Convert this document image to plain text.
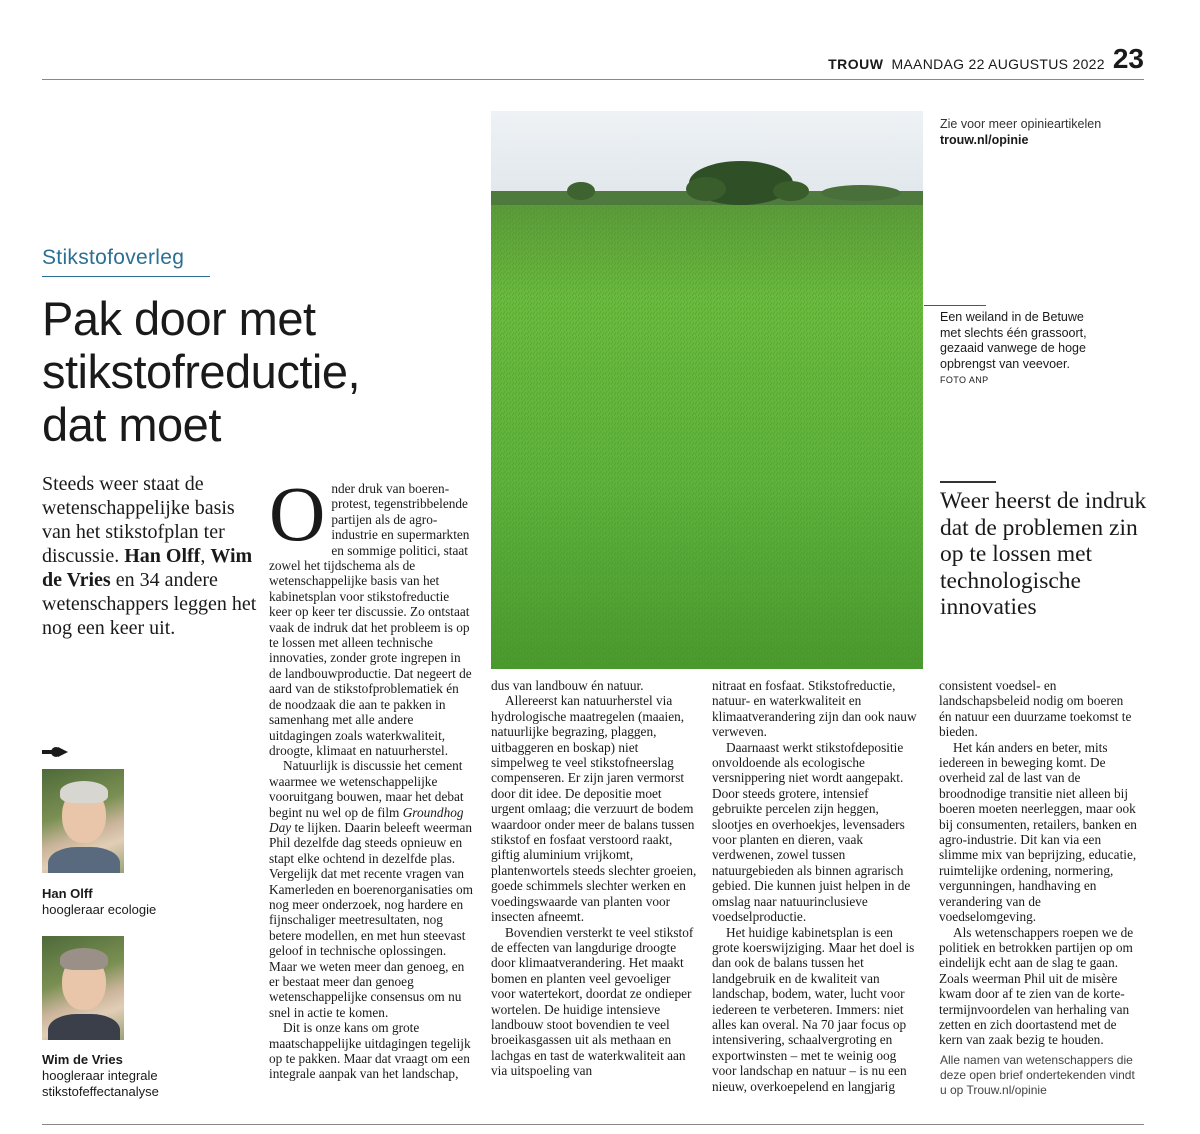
TROUW MAANDAG 22 AUGUSTUS 2022 23
Stikstofoverleg
Pak door met
stikstofreductie,
dat moet
Steeds weer staat de wetenschappelijke basis van het stikstofplan ter discussie. Han Olff, Wim de Vries en 34 andere wetenschappers leggen het nog een keer uit.
Han Olff
hoogleraar ecologie
Wim de Vries
hoogleraar integrale stikstofeffectanalyse

Onder druk van boerenprotest, tegenstribbelende partijen als de agro-industrie en supermarkten en sommige politici, staat zowel het tijdschema als de wetenschappelijke basis van het kabinetsplan voor stikstofreductie keer op keer ter discussie. Zo ontstaat vaak de indruk dat het probleem is op te lossen met alleen technische innovaties, zonder grote ingrepen in de landbouwproductie. Dat negeert de aard van de stikstofproblematiek én de noodzaak die aan te pakken in samenhang met alle andere uitdagingen zoals waterkwaliteit, droogte, klimaat en natuurherstel.

Natuurlijk is discussie het cement waarmee we wetenschappelijke vooruitgang bouwen, maar het debat begint nu wel op de film Groundhog Day te lijken. Daarin beleeft weerman Phil dezelfde dag steeds opnieuw en stapt elke ochtend in dezelfde plas. Vergelijk dat met recente vragen van Kamerleden en boerenorganisaties om nog meer onderzoek, nog hardere en fijnschaliger meetresultaten, nog betere modellen, en met hun steevast geloof in technische oplossingen. Maar we weten meer dan genoeg, en er bestaat meer dan genoeg wetenschappelijke consensus om nu snel in actie te komen.

Dit is onze kans om grote maatschappelijke uitdagingen tegelijk op te pakken. Maar dat vraagt om een integrale aanpak van het landschap,

dus van landbouw én natuur.

Allereerst kan natuurherstel via hydrologische maatregelen (maaien, natuurlijke begrazing, plaggen, uitbaggeren en boskap) niet simpelweg te veel stikstofneerslag compenseren. Er zijn jaren vermorst door dit idee. De depositie moet urgent omlaag; die verzuurt de bodem waardoor onder meer de balans tussen stikstof en fosfaat verstoord raakt, giftig aluminium vrijkomt, plantenwortels steeds slechter groeien, goede schimmels slechter werken en voedingswaarde van planten voor insecten afneemt.

Bovendien versterkt te veel stikstof de effecten van langdurige droogte door klimaatverandering. Het maakt bomen en planten veel gevoeliger voor watertekort, doordat ze ondieper wortelen. De huidige intensieve landbouw stoot bovendien te veel broeikasgassen uit als methaan en lachgas en tast de waterkwaliteit aan via uitspoeling van

nitraat en fosfaat. Stikstofreductie, natuur- en waterkwaliteit en klimaatverandering zijn dan ook nauw verweven.

Daarnaast werkt stikstofdepositie onvoldoende als ecologische versnippering niet wordt aangepakt. Door steeds grotere, intensief gebruikte percelen zijn heggen, slootjes en overhoekjes, levensaders voor planten en dieren, vaak verdwenen, zowel tussen natuurgebieden als binnen agrarisch gebied. Die kunnen juist helpen in de omslag naar natuurinclusieve voedselproductie.

Het huidige kabinetsplan is een grote koerswijziging. Maar het doel is dan ook de balans tussen het landgebruik en de kwaliteit van landschap, bodem, water, lucht voor iedereen te verbeteren. Immers: niet alles kan overal. Na 70 jaar focus op intensivering, schaalvergroting en exportwinsten – met te weinig oog voor landschap en natuur – is nu een nieuw, overkoepelend en langjarig

consistent voedsel- en landschapsbeleid nodig om boeren én natuur een duurzame toekomst te bieden.

Het kán anders en beter, mits iedereen in beweging komt. De overheid zal de last van de broodnodige transitie niet alleen bij boeren moeten neerleggen, maar ook bij consumenten, retailers, banken en agro-industrie. Dit kan via een slimme mix van beprijzing, educatie, ruimtelijke ordening, normering, vergunningen, handhaving en verandering van de voedselomgeving.

Als wetenschappers roepen we de politiek en betrokken partijen op om eindelijk echt aan de slag te gaan. Zoals weerman Phil uit de misère kwam door af te zien van de korte-termijnvoordelen van herhaling van zetten en zich doortastend met de kern van zaak bezig te houden.

Zie voor meer opinieartikelen
trouw.nl/opinie
Een weiland in de Betuwe met slechts één grassoort, gezaaid vanwege de hoge opbrengst van veevoer. FOTO ANP
Weer heerst de indruk dat de problemen zin op te lossen met technologische innovaties
Alle namen van wetenschappers die deze open brief ondertekenden vindt u op Trouw.nl/opinie
